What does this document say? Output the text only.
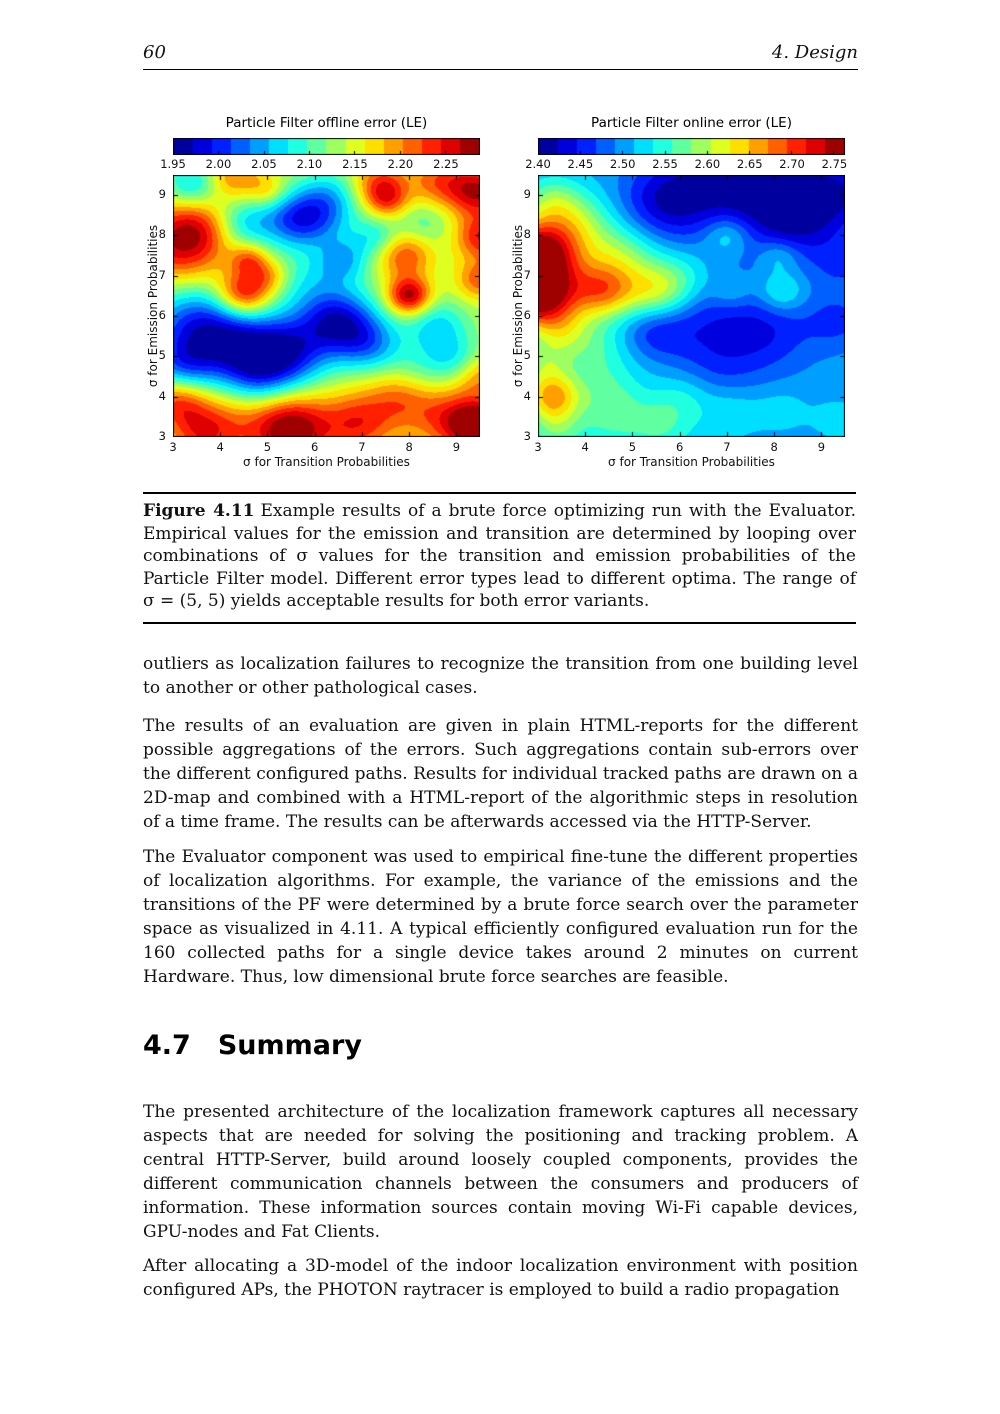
60	4. Design
Particle Filter offline error (LE)
1.95 2.00 2.05 2.10 2.15 2.20 2.25
3	4	5	6	7	8	9
3
4
5
6
7
8
9
σ for Transition Probabilities
σ for Emission Probabilities
Particle Filter online error (LE)
2.40 2.45 2.50 2.55 2.60 2.65 2.70 2.75
3	4	5	6	7	8	9
3
4
5
6
7
8
9
σ for Transition Probabilities
σ for Emission Probabilities
Figure 4.11 Example results of a brute force optimizing run with the Evaluator. Empirical values for the emission and transition are determined by looping over combinations of σ values for the transition and emission probabilities of the Particle Filter model. Different error types lead to different optima. The range of σ = (5, 5) yields acceptable results for both error variants.

outliers as localization failures to recognize the transition from one building level to another or other pathological cases.

The results of an evaluation are given in plain HTML-reports for the different possible aggregations of the errors. Such aggregations contain sub-errors over the different configured paths. Results for individual tracked paths are drawn on a 2D-map and combined with a HTML-report of the algorithmic steps in resolution of a time frame. The results can be afterwards accessed via the HTTP-Server.

The Evaluator component was used to empirical fine-tune the different properties of localization algorithms. For example, the variance of the emissions and the transitions of the PF were determined by a brute force search over the parameter space as visualized in 4.11. A typical efficiently configured evaluation run for the 160 collected paths for a single device takes around 2 minutes on current Hardware. Thus, low dimensional brute force searches are feasible.

4.7 Summary

The presented architecture of the localization framework captures all necessary aspects that are needed for solving the positioning and tracking problem. A central HTTP-Server, build around loosely coupled components, provides the different communication channels between the consumers and producers of information. These information sources contain moving Wi-Fi capable devices, GPU-nodes and Fat Clients.

After allocating a 3D-model of the indoor localization environment with position configured APs, the PHOTON raytracer is employed to build a radio propagation
